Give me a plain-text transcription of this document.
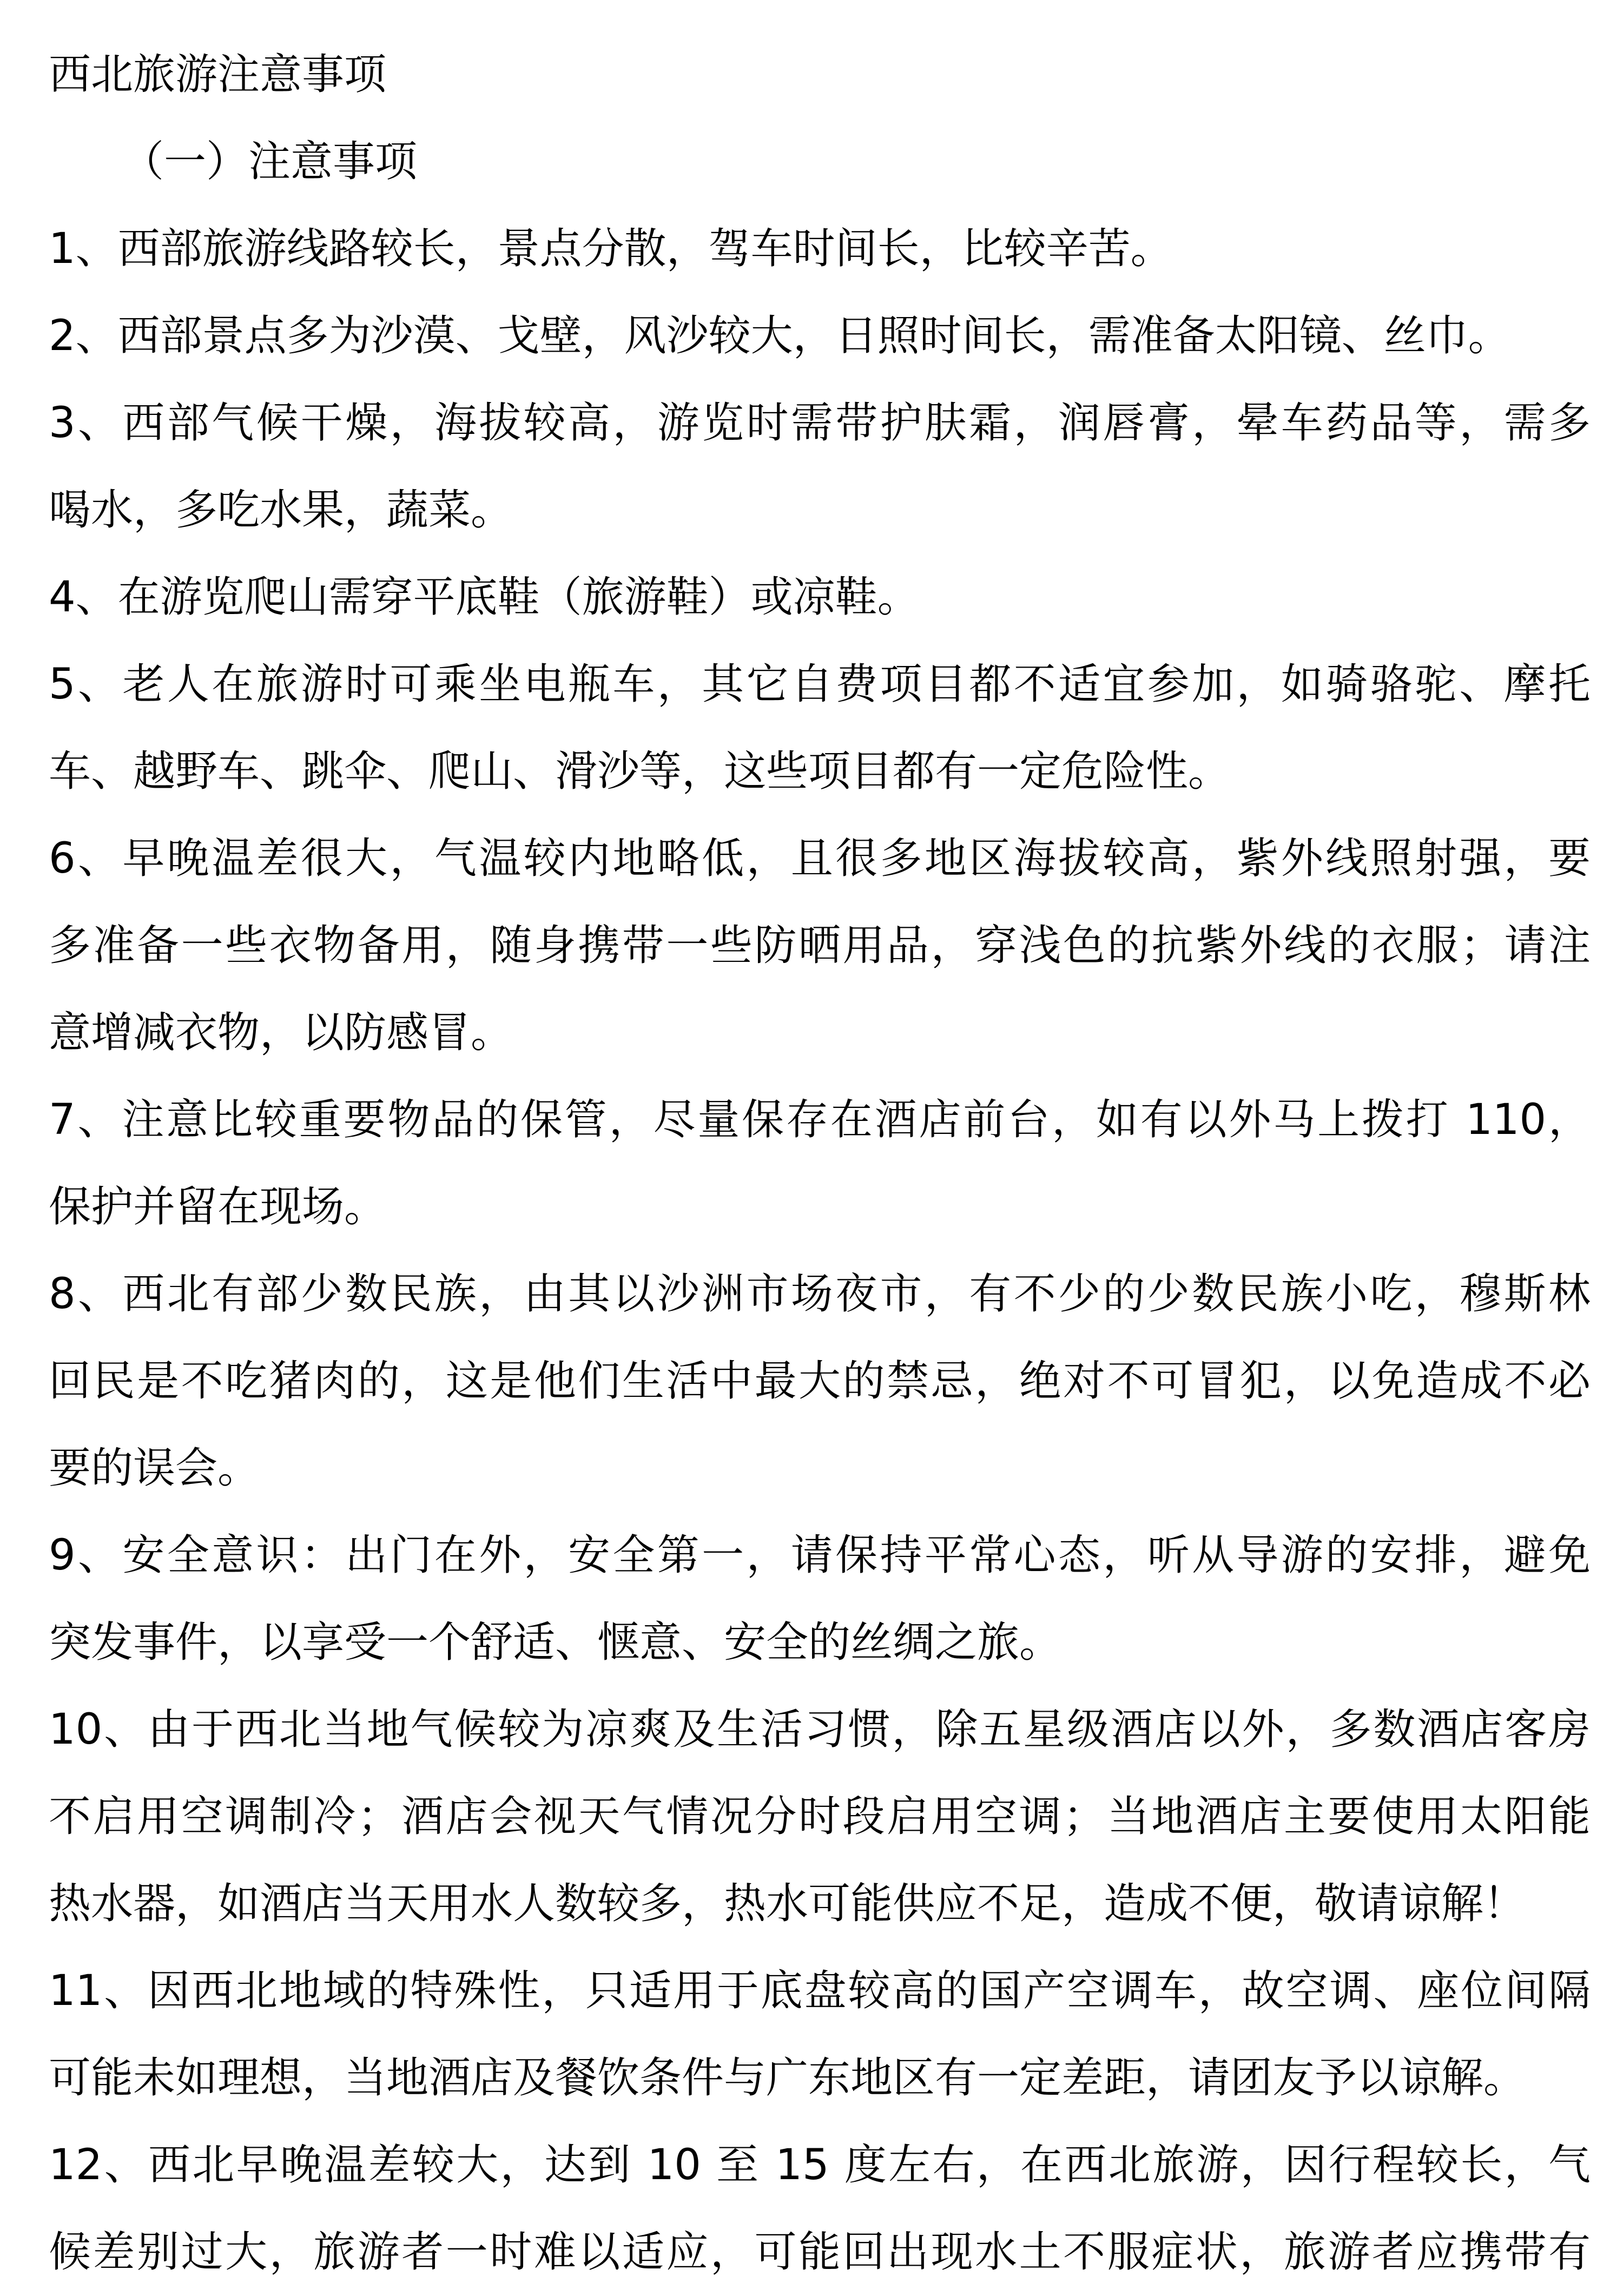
西北旅游注意事项
（一）注意事项
1、西部旅游线路较长，景点分散，驾车时间长，比较辛苦。
2、西部景点多为沙漠、戈壁，风沙较大，日照时间长，需准备太阳镜、丝巾。
3、西部气候干燥，海拔较高，游览时需带护肤霜，润唇膏，晕车药品等，需多
喝水，多吃水果，蔬菜。
4、在游览爬山需穿平底鞋（旅游鞋）或凉鞋。
5、老人在旅游时可乘坐电瓶车，其它自费项目都不适宜参加，如骑骆驼、摩托
车、越野车、跳伞、爬山、滑沙等，这些项目都有一定危险性。
6、早晚温差很大，气温较内地略低，且很多地区海拔较高，紫外线照射强，要
多准备一些衣物备用，随身携带一些防晒用品，穿浅色的抗紫外线的衣服；请注
意增减衣物，以防感冒。
7、注意比较重要物品的保管，尽量保存在酒店前台，如有以外马上拨打 110，
保护并留在现场。
8、西北有部少数民族，由其以沙洲市场夜市，有不少的少数民族小吃，穆斯林
回民是不吃猪肉的，这是他们生活中最大的禁忌，绝对不可冒犯，以免造成不必
要的误会。
9、安全意识：出门在外，安全第一，请保持平常心态，听从导游的安排，避免
突发事件，以享受一个舒适、惬意、安全的丝绸之旅。
10、由于西北当地气候较为凉爽及生活习惯，除五星级酒店以外，多数酒店客房
不启用空调制冷；酒店会视天气情况分时段启用空调；当地酒店主要使用太阳能
热水器，如酒店当天用水人数较多，热水可能供应不足，造成不便，敬请谅解！
11、因西北地域的特殊性，只适用于底盘较高的国产空调车，故空调、座位间隔
可能未如理想，当地酒店及餐饮条件与广东地区有一定差距，请团友予以谅解。
12、西北早晚温差较大，达到 10 至 15 度左右，在西北旅游，因行程较长，气
候差别过大，旅游者一时难以适应，可能回出现水土不服症状，旅游者应携带有
